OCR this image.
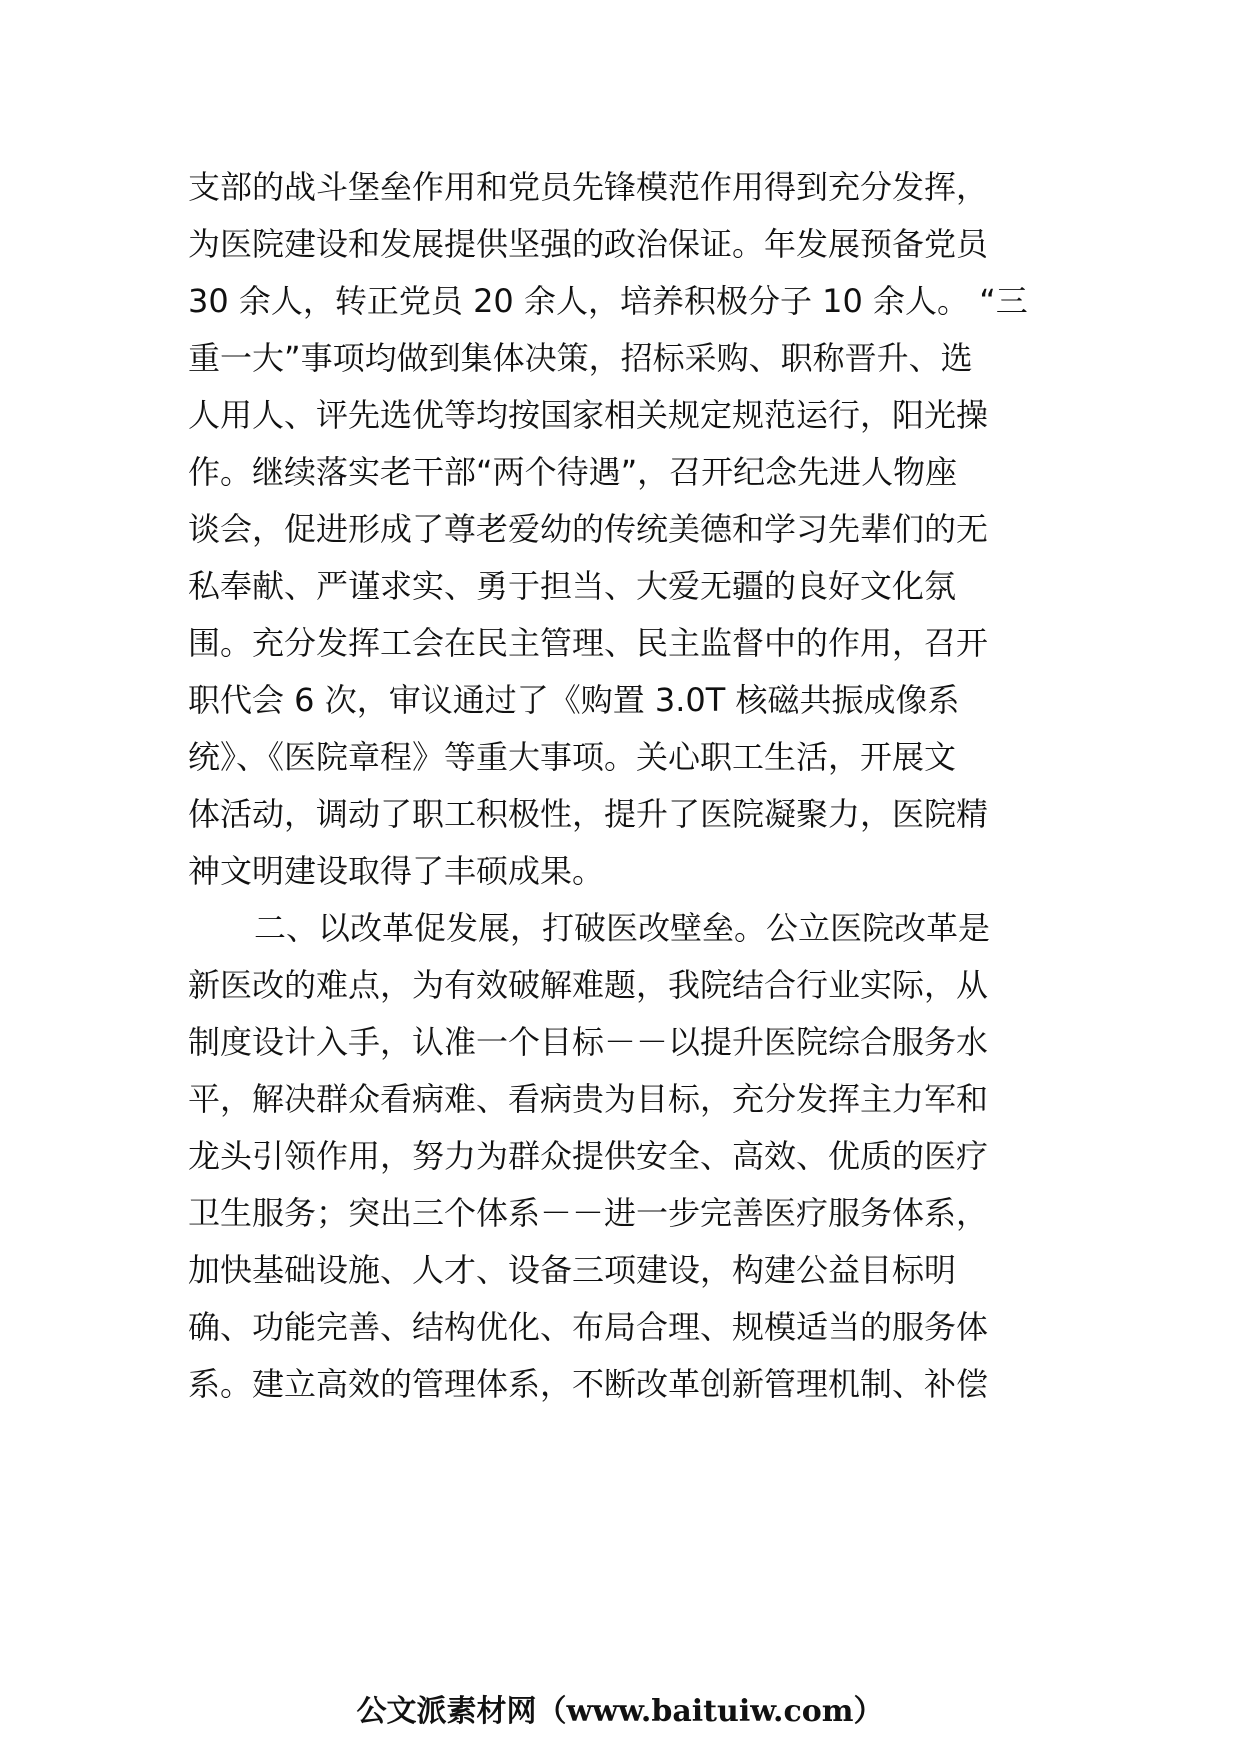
支部的战斗堡垒作用和党员先锋模范作用得到充分发挥，
为医院建设和发展提供坚强的政治保证。年发展预备党员
30 余人，转正党员 20 余人，培养积极分子 10 余人。 “三
重一大”事项均做到集体决策，招标采购、职称晋升、选
人用人、评先选优等均按国家相关规定规范运行，阳光操
作。继续落实老干部“两个待遇”，召开纪念先进人物座
谈会，促进形成了尊老爱幼的传统美德和学习先辈们的无
私奉献、严谨求实、勇于担当、大爱无疆的良好文化氛
围。充分发挥工会在民主管理、民主监督中的作用，召开
职代会 6 次，审议通过了《购置 3.0T 核磁共振成像系
统》、《医院章程》等重大事项。关心职工生活，开展文
体活动，调动了职工积极性，提升了医院凝聚力，医院精
神文明建设取得了丰硕成果。
二、以改革促发展，打破医改壁垒。公立医院改革是
新医改的难点，为有效破解难题，我院结合行业实际，从
制度设计入手，认准一个目标－－以提升医院综合服务水
平，解决群众看病难、看病贵为目标，充分发挥主力军和
龙头引领作用，努力为群众提供安全、高效、优质的医疗
卫生服务；突出三个体系－－进一步完善医疗服务体系，
加快基础设施、人才、设备三项建设，构建公益目标明
确、功能完善、结构优化、布局合理、规模适当的服务体
系。建立高效的管理体系，不断改革创新管理机制、补偿
公文派素材网（www.baituiw.com）
